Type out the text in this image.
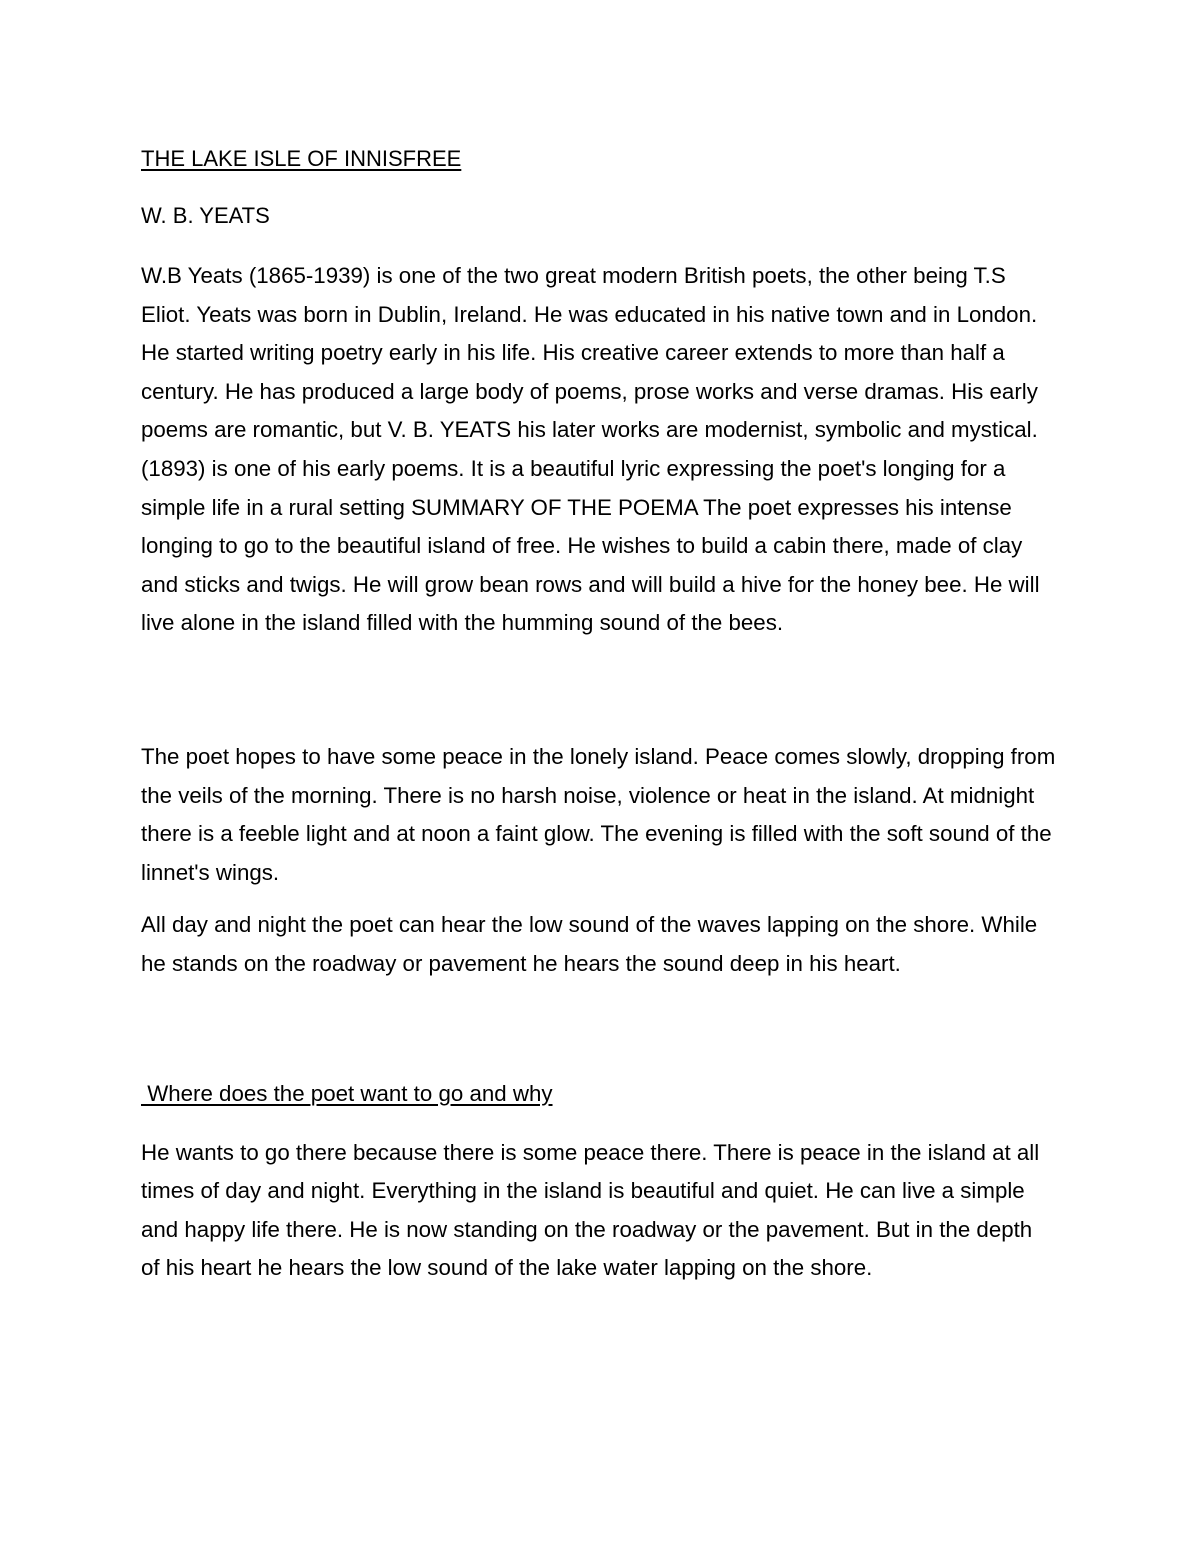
THE LAKE ISLE OF INNISFREE
W. B. YEATS

W.B Yeats (1865-1939) is one of the two great modern British poets, the other being T.S Eliot. Yeats was born in Dublin, Ireland. He was educated in his native town and in London. He started writing poetry early in his life. His creative career extends to more than half a century. He has produced a large body of poems, prose works and verse dramas. His early poems are romantic, but V. B. YEATS his later works are modernist, symbolic and mystical. (1893) is one of his early poems. It is a beautiful lyric expressing the poet's longing for a simple life in a rural setting SUMMARY OF THE POEMA The poet expresses his intense longing to go to the beautiful island of free. He wishes to build a cabin there, made of clay and sticks and twigs. He will grow bean rows and will build a hive for the honey bee. He will live alone in the island filled with the humming sound of the bees.

The poet hopes to have some peace in the lonely island. Peace comes slowly, dropping from the veils of the morning. There is no harsh noise, violence or heat in the island. At midnight there is a feeble light and at noon a faint glow. The evening is filled with the soft sound of the linnet's wings.

All day and night the poet can hear the low sound of the waves lapping on the shore. While he stands on the roadway or pavement he hears the sound deep in his heart.

Where does the poet want to go and why

He wants to go there because there is some peace there. There is peace in the island at all times of day and night. Everything in the island is beautiful and quiet. He can live a simple and happy life there. He is now standing on the roadway or the pavement. But in the depth of his heart he hears the low sound of the lake water lapping on the shore.
